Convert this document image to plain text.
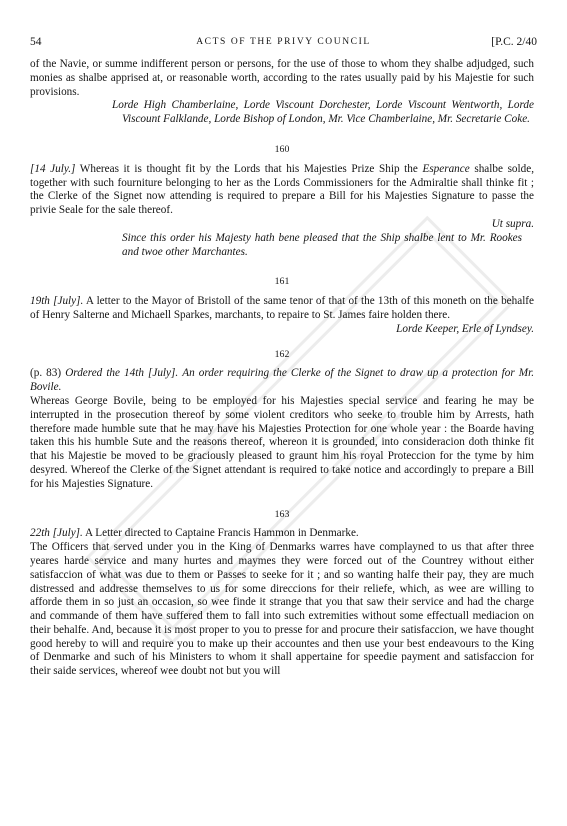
54	ACTS OF THE PRIVY COUNCIL	[P.C. 2/40

of the Navie, or summe indifferent person or persons, for the use of those to whom they shalbe adjudged, such monies as shalbe apprised at, or reasonable worth, according to the rates usually paid by his Majestie for such provisions.

Lorde High Chamberlaine, Lorde Viscount Dorchester, Lorde Viscount Wentworth, Lorde Viscount Falklande, Lorde Bishop of London, Mr. Vice Chamberlaine, Mr. Secretarie Coke.

160

[14 July.] Whereas it is thought fit by the Lords that his Majesties Prize Ship the Esperance shalbe solde, together with such fourniture belonging to her as the Lords Commissioners for the Admiraltie shall thinke fit ; the Clerke of the Signet now attending is required to prepare a Bill for his Majesties Signature to passe the privie Seale for the sale thereof.

Ut supra.

Since this order his Majesty hath bene pleased that the Ship shalbe lent to Mr. Rookes and twoe other Marchantes.

161

19th [July]. A letter to the Mayor of Bristoll of the same tenor of that of the 13th of this moneth on the behalfe of Henry Salterne and Michaell Sparkes, marchants, to repaire to St. James faire holden there.

Lorde Keeper, Erle of Lyndsey.

162

(p. 83) Ordered the 14th [July]. An order requiring the Clerke of the Signet to draw up a protection for Mr. Bovile.

Whereas George Bovile, being to be employed for his Majesties special service and fearing he may be interrupted in the prosecution thereof by some violent creditors who seeke to trouble him by Arrests, hath therefore made humble sute that he may have his Majesties Protection for one whole year : the Boarde having taken this his humble Sute and the reasons thereof, whereon it is grounded, into consideracion doth thinke fit that his Majestie be moved to be graciously pleased to graunt him his royal Proteccion for the tyme by him desyred. Whereof the Clerke of the Signet attendant is required to take notice and accordingly to prepare a Bill for his Majesties Signature.

163

22th [July]. A Letter directed to Captaine Francis Hammon in Denmarke.

The Officers that served under you in the King of Denmarks warres have complayned to us that after three yeares harde service and many hurtes and maymes they were forced out of the Countrey without either satisfaccion of what was due to them or Passes to seeke for it ; and so wanting halfe their pay, they are much distressed and addresse themselves to us for some direccions for their reliefe, which, as wee are willing to afforde them in so just an occasion, so wee finde it strange that you that saw their service and had the charge and commande of them have suffered them to fall into such extremities without some effectuall mediacion on their behalfe. And, because it is most proper to you to presse for and procure their satisfaccion, we have thought good hereby to will and require you to make up their accountes and then use your best endeavours to the King of Denmarke and such of his Ministers to whom it shall appertaine for speedie payment and satisfaccion for their saide services, whereof wee doubt not but you will
